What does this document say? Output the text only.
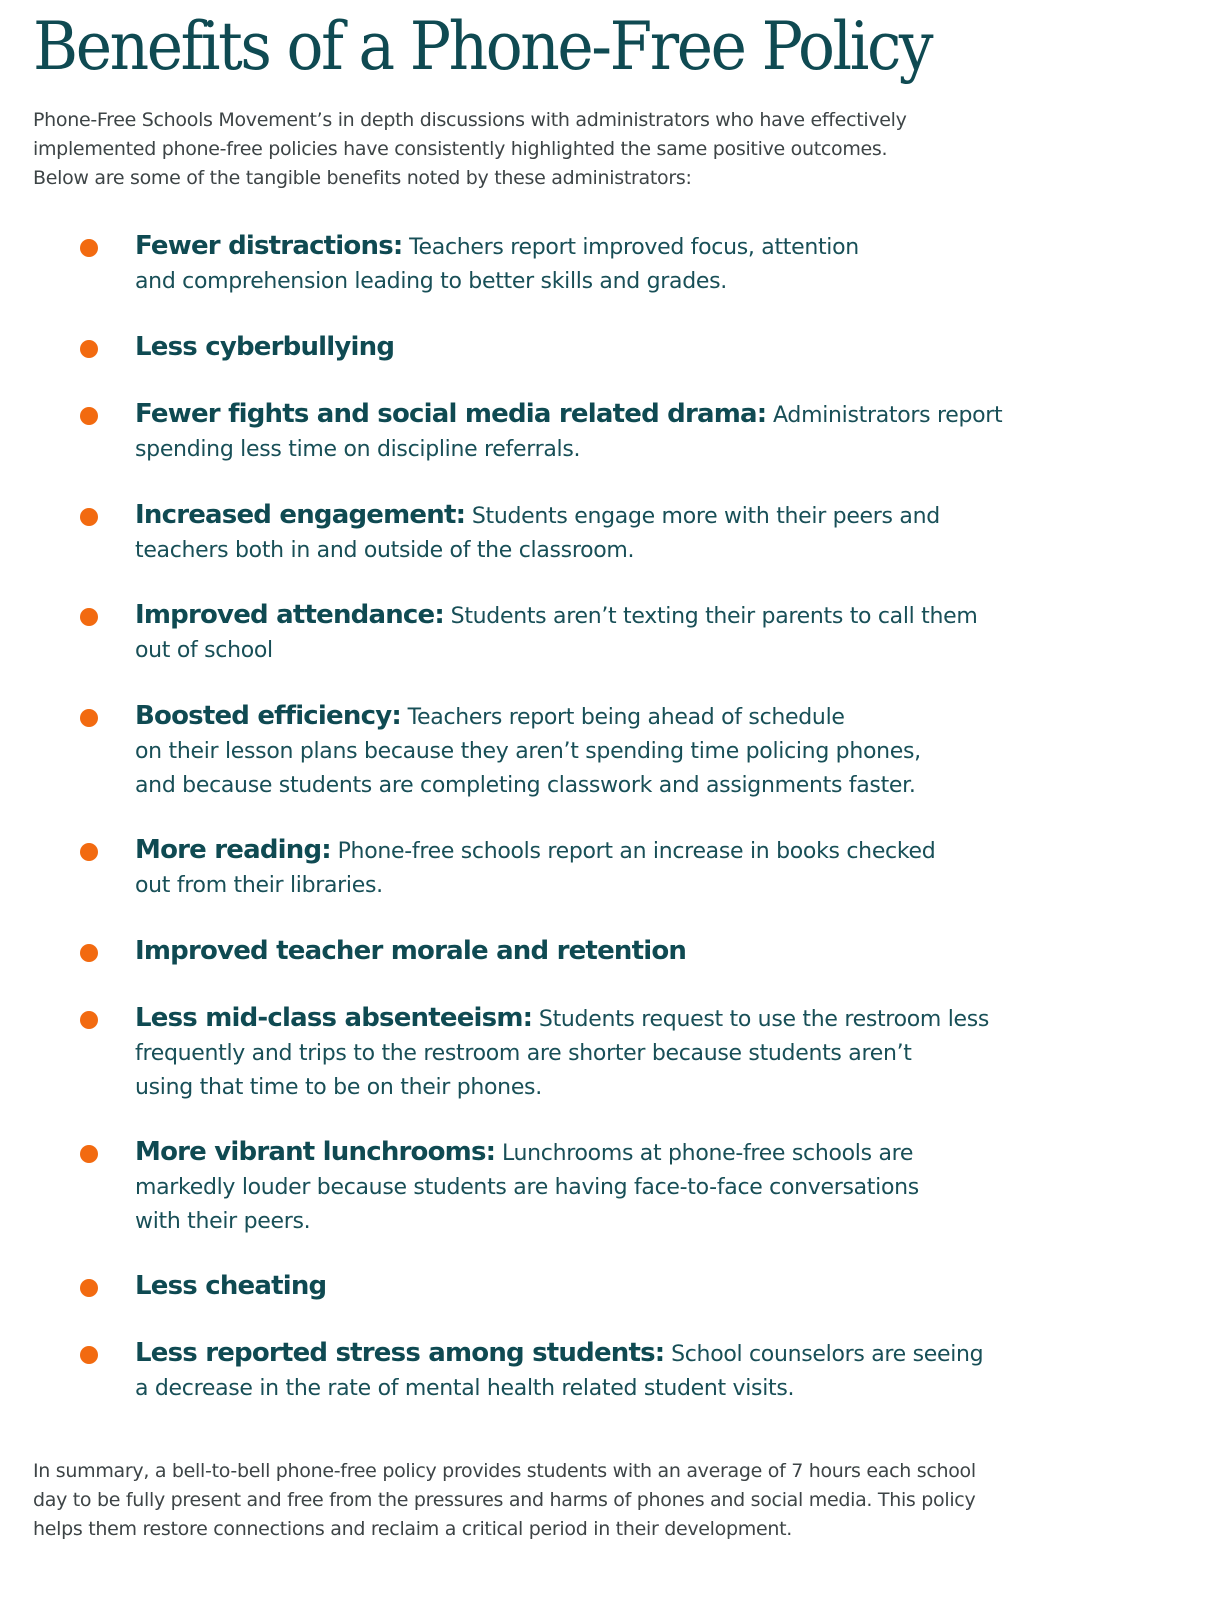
Benefits of a Phone-Free Policy

Phone-Free Schools Movement’s in depth discussions with administrators who have effectively
implemented phone-free policies have consistently highlighted the same positive outcomes.
Below are some of the tangible benefits noted by these administrators:

Fewer distractions: Teachers report improved focus, attention
and comprehension leading to better skills and grades.
Less cyberbullying
Fewer fights and social media related drama: Administrators report
spending less time on discipline referrals.
Increased engagement: Students engage more with their peers and
teachers both in and outside of the classroom.
Improved attendance: Students aren’t texting their parents to call them
out of school
Boosted efficiency: Teachers report being ahead of schedule
on their lesson plans because they aren’t spending time policing phones,
and because students are completing classwork and assignments faster.
More reading: Phone-free schools report an increase in books checked
out from their libraries.
Improved teacher morale and retention
Less mid-class absenteeism: Students request to use the restroom less
frequently and trips to the restroom are shorter because students aren’t
using that time to be on their phones.
More vibrant lunchrooms: Lunchrooms at phone-free schools are
markedly louder because students are having face-to-face conversations
with their peers.
Less cheating
Less reported stress among students: School counselors are seeing
a decrease in the rate of mental health related student visits.

In summary, a bell-to-bell phone-free policy provides students with an average of 7 hours each school
day to be fully present and free from the pressures and harms of phones and social media. This policy
helps them restore connections and reclaim a critical period in their development.
